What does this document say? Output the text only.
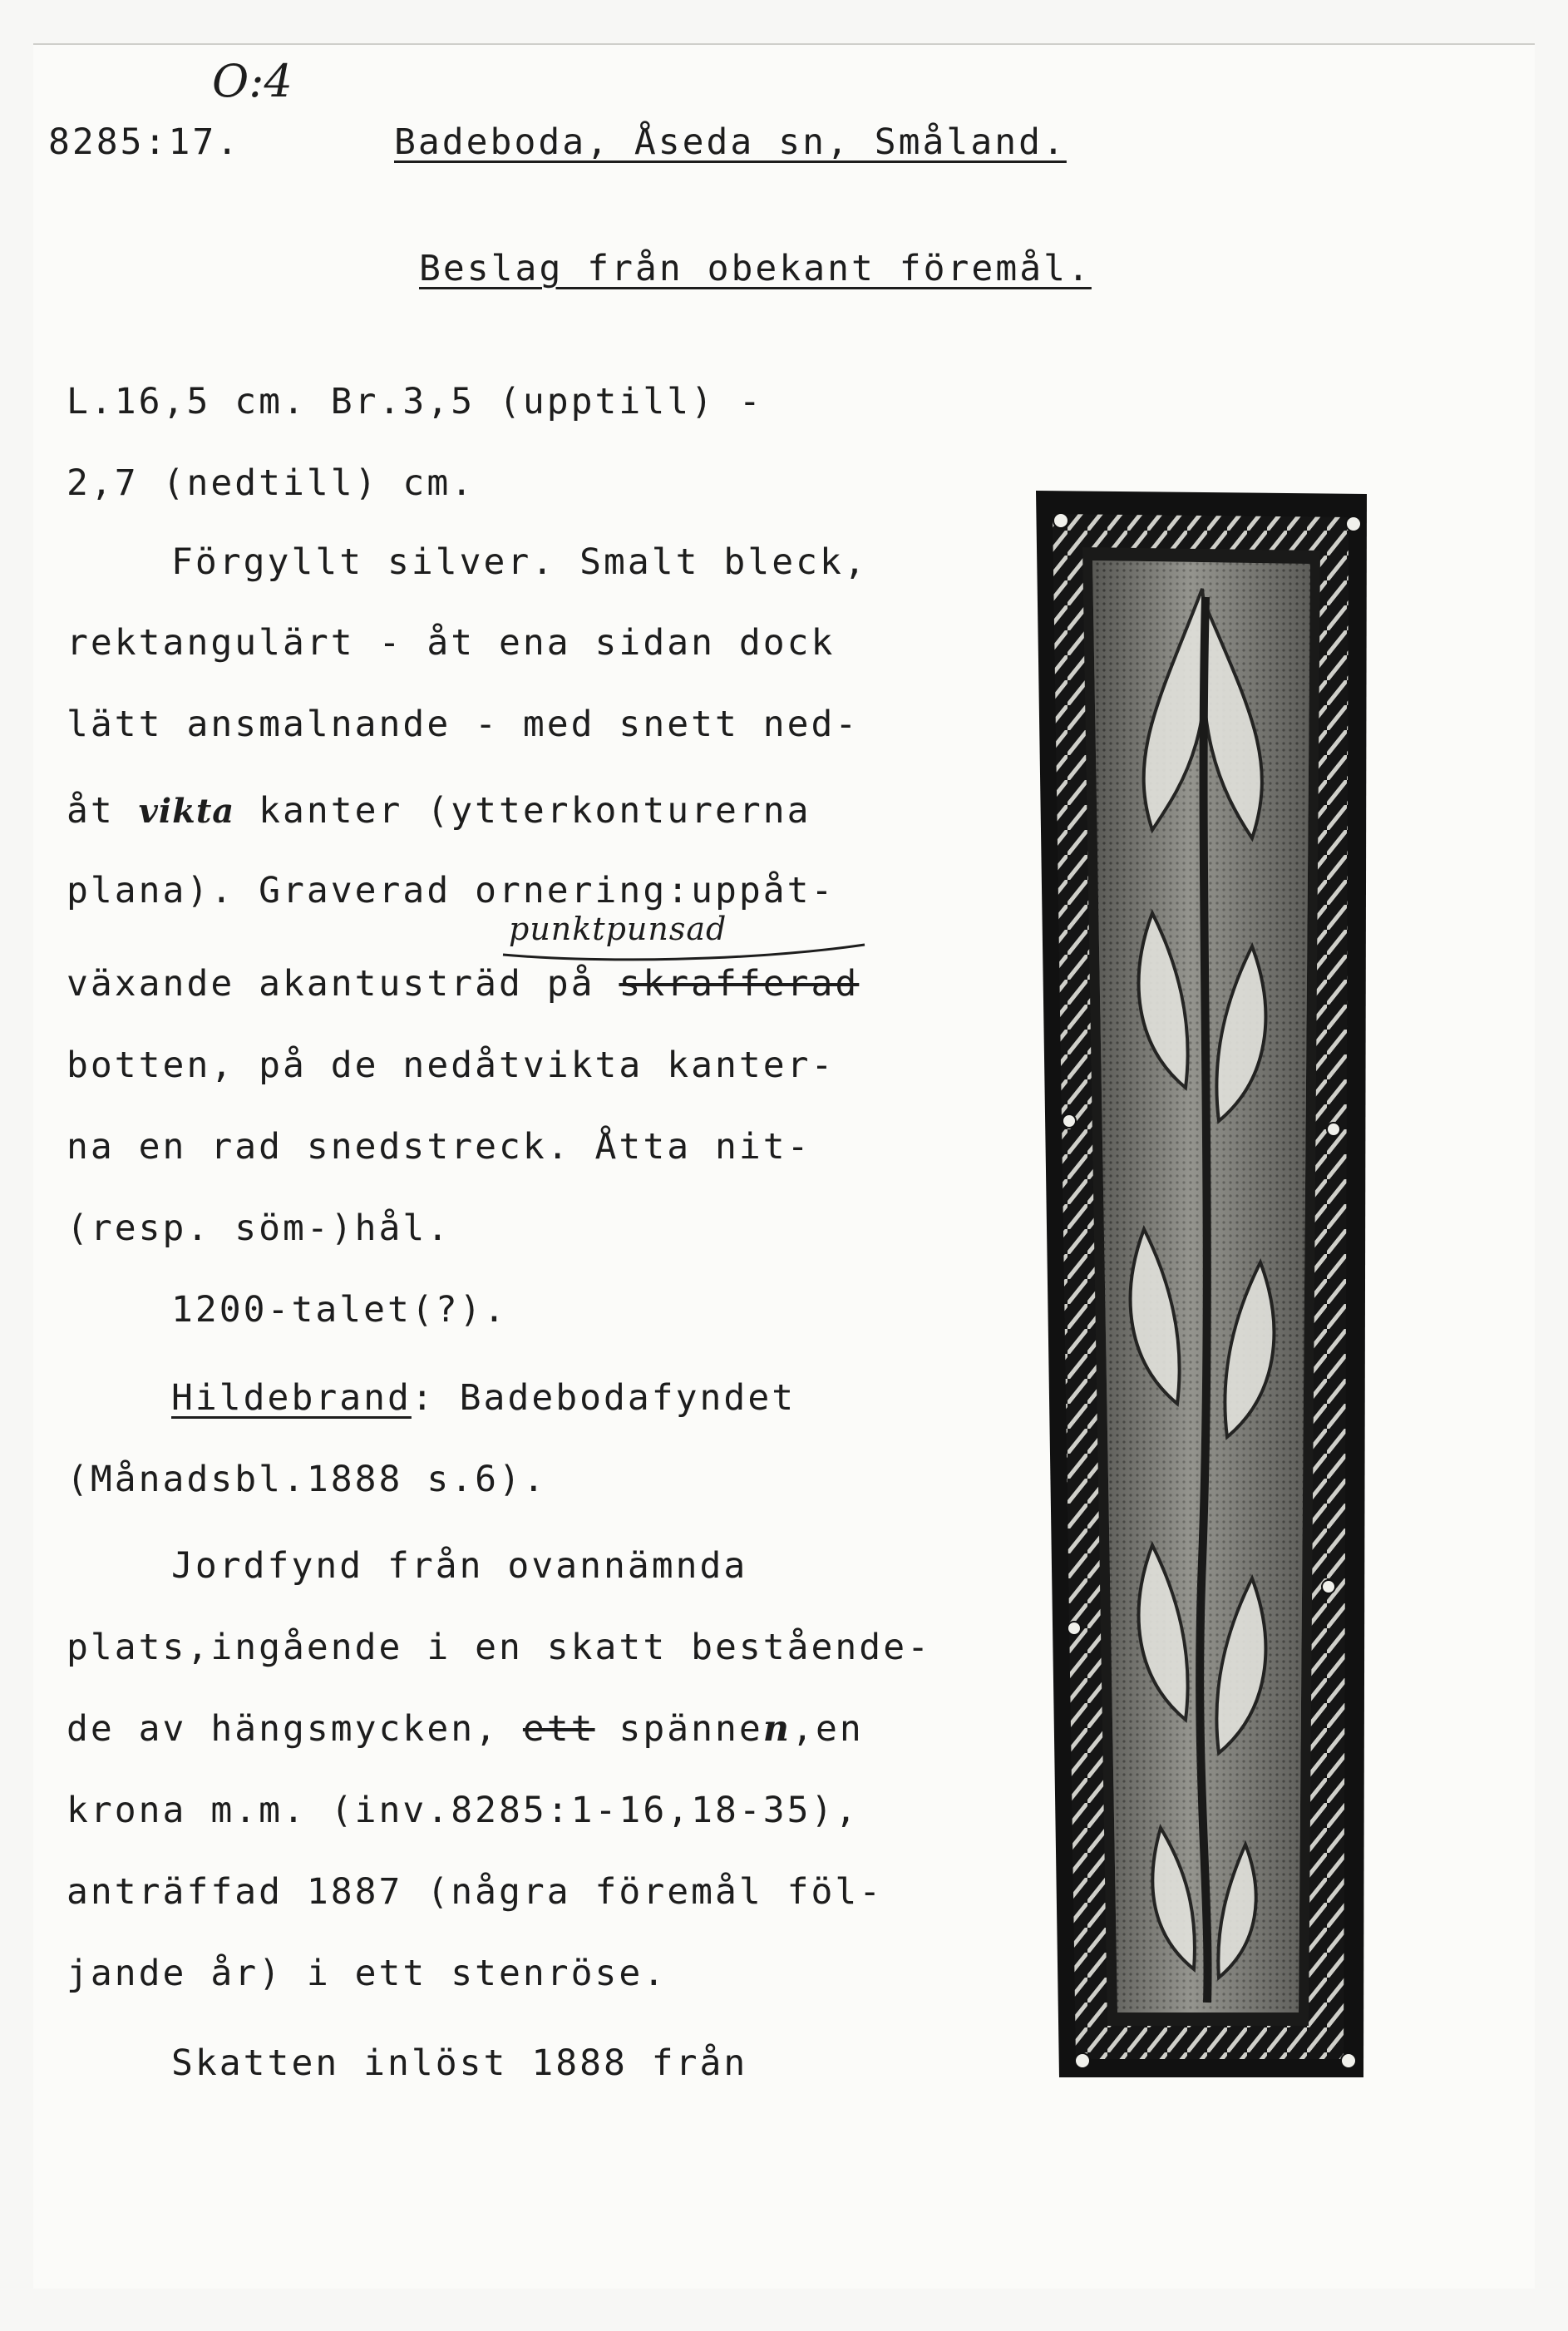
O:4
8285:17.	Badeboda, Åseda sn, Småland.
Beslag från obekant föremål.
L.16,5 cm. Br.3,5 (upptill) -
2,7 (nedtill) cm.
Förgyllt silver. Smalt bleck,
rektangulärt - åt ena sidan dock
lätt ansmalnande - med snett ned-
åt vikta kanter (ytterkonturerna
plana). Graverad ornering:uppåt-
punktpunsad
växande akantusträd på skrafferad
botten, på de nedåtvikta kanter-
na en rad snedstreck. Åtta nit-
(resp. söm-)hål.
1200-talet(?).
Hildebrand: Badebodafyndet
(Månadsbl.1888 s.6).
Jordfynd från ovannämnda
plats,ingående i en skatt bestående-
de av hängsmycken, ett spännen,en
krona m.m. (inv.8285:1-16,18-35),
anträffad 1887 (några föremål föl-
jande år) i ett stenröse.
Skatten inlöst 1888 från
